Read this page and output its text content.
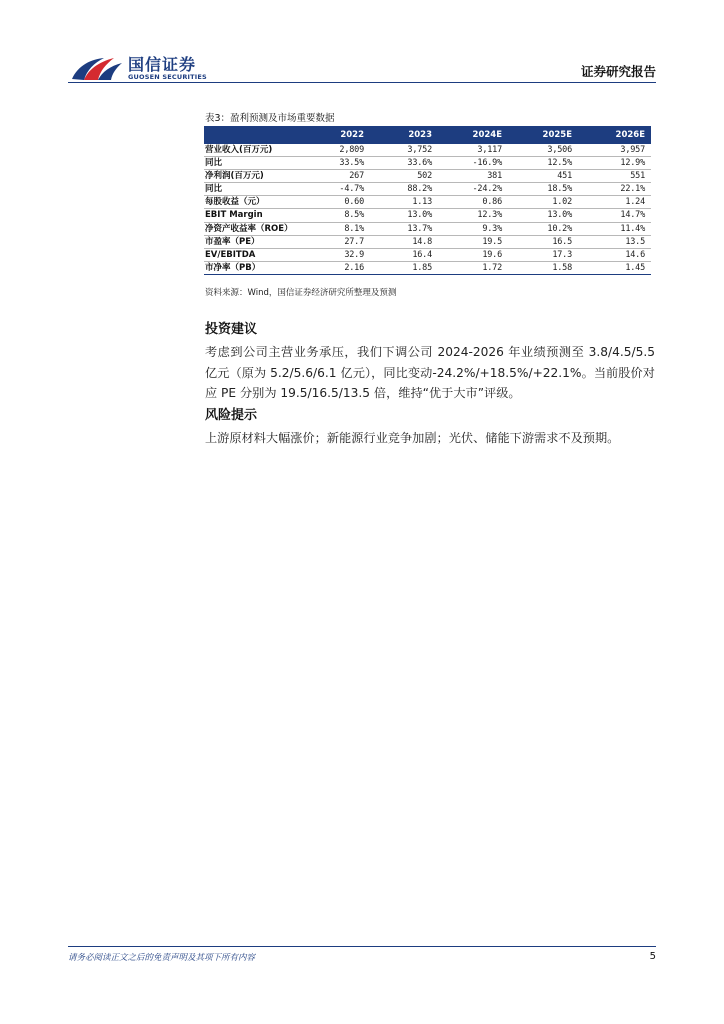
国信证券
GUOSEN SECURITIES	证券研究报告
表3：盈利预测及市场重要数据
	2022	2023	2024E	2025E	2026E
营业收入(百万元)	2,809	3,752	3,117	3,506	3,957
同比	33.5%	33.6%	-16.9%	12.5%	12.9%
净利润(百万元)	267	502	381	451	551
同比	-4.7%	88.2%	-24.2%	18.5%	22.1%
每股收益（元）	0.60	1.13	0.86	1.02	1.24
EBIT Margin	8.5%	13.0%	12.3%	13.0%	14.7%
净资产收益率（ROE）	8.1%	13.7%	9.3%	10.2%	11.4%
市盈率（PE）	27.7	14.8	19.5	16.5	13.5
EV/EBITDA	32.9	16.4	19.6	17.3	14.6
市净率（PB）	2.16	1.85	1.72	1.58	1.45
资料来源：Wind，国信证券经济研究所整理及预测
投资建议
考虑到公司主营业务承压，我们下调公司 2024-2026 年业绩预测至 3.8/4.5/5.5 亿元（原为 5.2/5.6/6.1 亿元），同比变动-24.2%/+18.5%/+22.1%。当前股价对应 PE 分别为 19.5/16.5/13.5 倍，维持“优于大市”评级。
风险提示
上游原材料大幅涨价；新能源行业竞争加剧；光伏、储能下游需求不及预期。
请务必阅读正文之后的免责声明及其项下所有内容	5
